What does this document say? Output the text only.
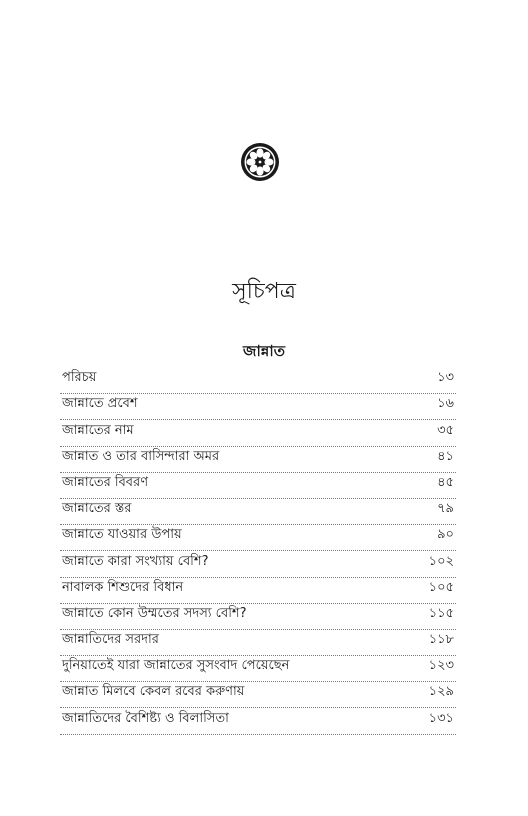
সূচিপত্র
জান্নাত
পরিচয়	১৩
জান্নাতে প্রবেশ	১৬
জান্নাতের নাম	৩৫
জান্নাত ও তার বাসিন্দারা অমর	৪১
জান্নাতের বিবরণ	৪৫
জান্নাতের স্তর	৭৯
জান্নাতে যাওয়ার উপায়	৯০
জান্নাতে কারা সংখ্যায় বেশি?	১০২
নাবালক শিশুদের বিধান	১০৫
জান্নাতে কোন উম্মতের সদস্য বেশি?	১১৫
জান্নাতিদের সরদার	১১৮
দুনিয়াতেই যারা জান্নাতের সুসংবাদ পেয়েছেন	১২৩
জান্নাত মিলবে কেবল রবের করুণায়	১২৯
জান্নাতিদের বৈশিষ্ট্য ও বিলাসিতা	১৩১
